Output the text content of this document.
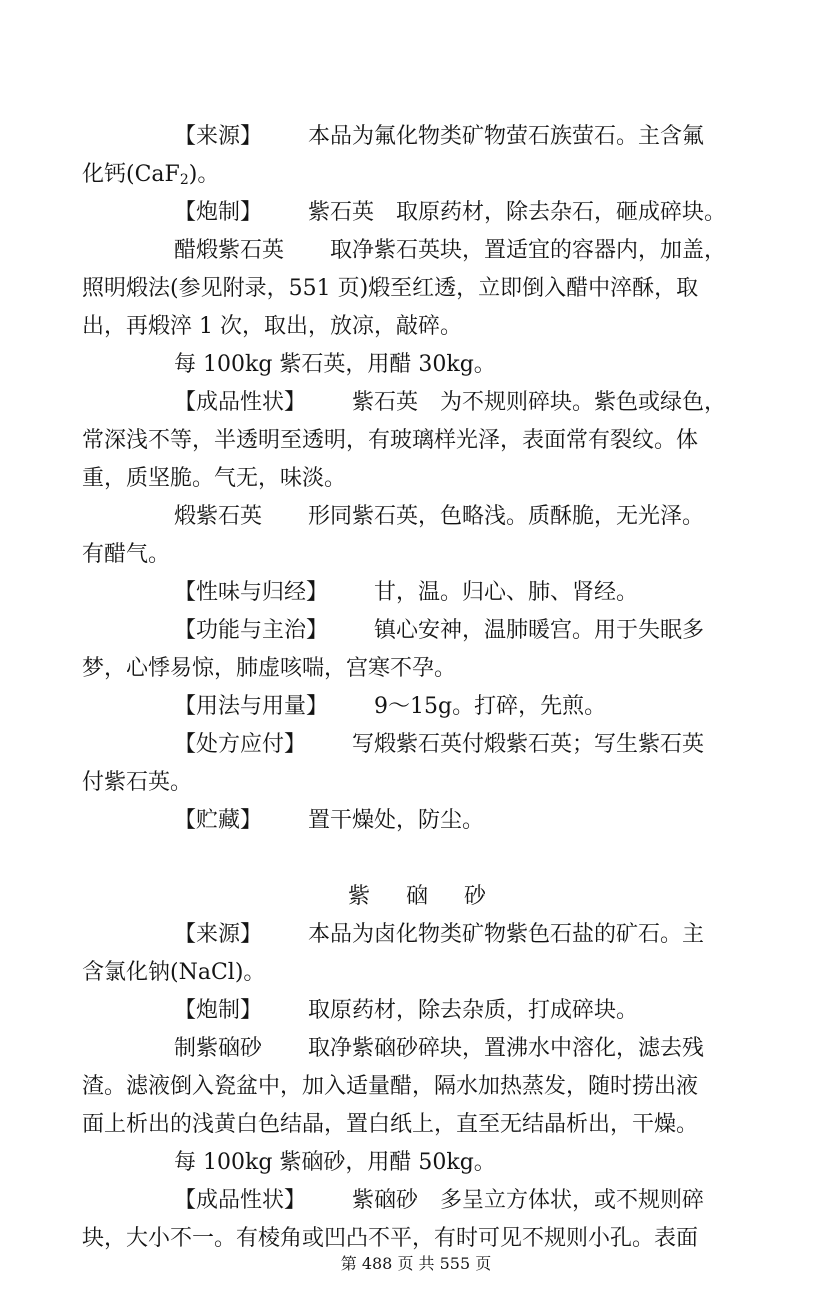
【来源】 本品为氟化物类矿物萤石族萤石。主含氟
化钙(CaF$_2$)。
【炮制】 紫石英 取原药材，除去杂石，砸成碎块。
醋煅紫石英 取净紫石英块，置适宜的容器内，加盖，
照明煅法(参见附录，551 页)煅至红透，立即倒入醋中淬酥，取
出，再煅淬 1 次，取出，放凉，敲碎。
每 100kg 紫石英，用醋 30kg。
【成品性状】 紫石英 为不规则碎块。紫色或绿色，
常深浅不等，半透明至透明，有玻璃样光泽，表面常有裂纹。体
重，质坚脆。气无，味淡。
煅紫石英 形同紫石英，色略浅。质酥脆，无光泽。
有醋气。
【性味与归经】 甘，温。归心、肺、肾经。
【功能与主治】 镇心安神，温肺暖宫。用于失眠多
梦，心悸易惊，肺虚咳喘，宫寒不孕。
【用法与用量】 9～15g。打碎，先煎。
【处方应付】 写煅紫石英付煅紫石英；写生紫石英
付紫石英。
【贮藏】 置干燥处，防尘。
紫 硇 砂
【来源】 本品为卤化物类矿物紫色石盐的矿石。主
含氯化钠(NaCl)。
【炮制】 取原药材，除去杂质，打成碎块。
制紫硇砂 取净紫硇砂碎块，置沸水中溶化，滤去残
渣。滤液倒入瓷盆中，加入适量醋，隔水加热蒸发，随时捞出液
面上析出的浅黄白色结晶，置白纸上，直至无结晶析出，干燥。
每 100kg 紫硇砂，用醋 50kg。
【成品性状】 紫硇砂 多呈立方体状，或不规则碎
块，大小不一。有棱角或凹凸不平，有时可见不规则小孔。表面
第 488 页 共 555 页
